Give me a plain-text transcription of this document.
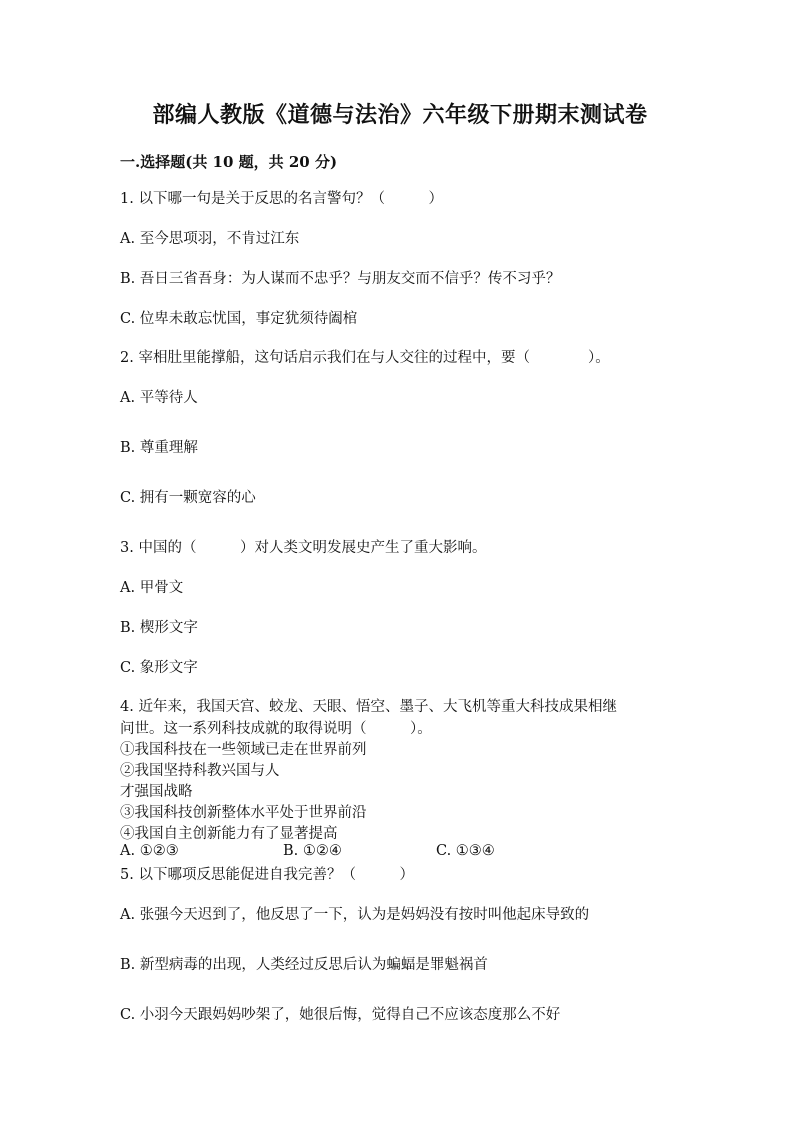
部编人教版《道德与法治》六年级下册期末测试卷
一.选择题(共 10 题，共 20 分)
1. 以下哪一句是关于反思的名言警句？（　　　）
A. 至今思项羽，不肯过江东
B. 吾日三省吾身：为人谋而不忠乎？与朋友交而不信乎？传不习乎？
C. 位卑未敢忘忧国，事定犹须待阖棺
2. 宰相肚里能撑船，这句话启示我们在与人交往的过程中，要（　　　　）。
A. 平等待人
B. 尊重理解
C. 拥有一颗宽容的心
3. 中国的（　　　）对人类文明发展史产生了重大影响。
A. 甲骨文
B. 楔形文字
C. 象形文字
4. 近年来，我国天宫、蛟龙、天眼、悟空、墨子、大飞机等重大科技成果相继
问世。这一系列科技成就的取得说明（　　　）。
①我国科技在一些领域已走在世界前列
②我国坚持科教兴国与人
才强国战略
③我国科技创新整体水平处于世界前沿
④我国自主创新能力有了显著提高
A. ①②③	B. ①②④	C. ①③④
5. 以下哪项反思能促进自我完善？（　　　）
A. 张强今天迟到了，他反思了一下，认为是妈妈没有按时叫他起床导致的
B. 新型病毒的出现，人类经过反思后认为蝙蝠是罪魁祸首
C. 小羽今天跟妈妈吵架了，她很后悔，觉得自己不应该态度那么不好
